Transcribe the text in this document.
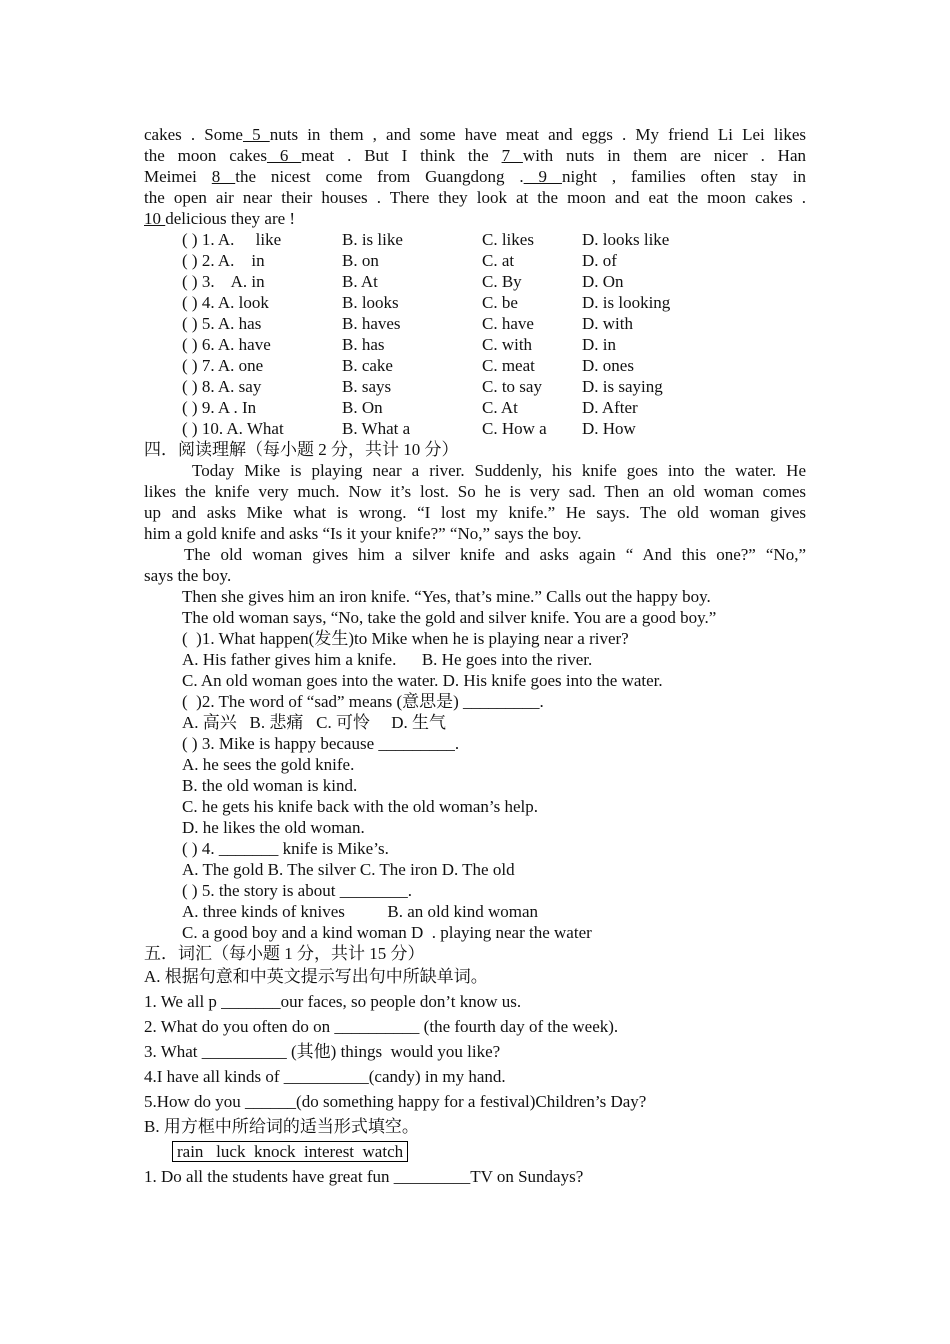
cakes . Some 5 nuts in them , and some have meat and eggs . My friend Li Lei likes
the moon cakes 6 meat . But I think the 7 with nuts in them are nicer . Han
Meimei 8 the nicest come from Guangdong . 9 night , families often stay in
the open air near their houses . There they look at the moon and eat the moon cakes .
10 delicious they are !
( ) 1. A.     like	B. is like	C. likes	D. looks like
( ) 2. A.    in	B. on	C. at	D. of
( ) 3.    A. in	B. At	C. By	D. On
( ) 4. A. look	B. looks	C. be	D. is looking
( ) 5. A. has	B. haves	C. have	D. with
( ) 6. A. have	B. has	C. with	D. in
( ) 7. A. one	B. cake	C. meat	D. ones
( ) 8. A. say	B. says	C. to say	D. is saying
( ) 9. A . In	B. On	C. At	D. After
( ) 10. A. What	B. What a	C. How a	D. How
四．阅读理解（每小题 2 分，共计 10 分）
Today Mike is playing near a river. Suddenly, his knife goes into the water. He
likes the knife very much. Now it’s lost. So he is very sad. Then an old woman comes
up and asks Mike what is wrong. “I lost my knife.” He says. The old woman gives
him a gold knife and asks “Is it your knife?” “No,” says the boy.
The old woman gives him a silver knife and asks again “ And this one?” “No,”
says the boy.
Then she gives him an iron knife. “Yes, that’s mine.” Calls out the happy boy.
The old woman says, “No, take the gold and silver knife. You are a good boy.”
(  )1. What happen(发生)to Mike when he is playing near a river?
A. His father gives him a knife.      B. He goes into the river.
C. An old woman goes into the water. D. His knife goes into the water.
(  )2. The word of “sad” means (意思是) _________.
A. 高兴   B. 悲痛   C. 可怜     D. 生气
( ) 3. Mike is happy because _________.
A. he sees the gold knife.
B. the old woman is kind.
C. he gets his knife back with the old woman’s help.
D. he likes the old woman.
( ) 4. _______ knife is Mike’s.
A. The gold B. The silver C. The iron D. The old
( ) 5. the story is about ________.
A. three kinds of knives          B. an old kind woman
C. a good boy and a kind woman D  . playing near the water
五．词汇（每小题 1 分，共计 15 分）
A. 根据句意和中英文提示写出句中所缺单词。
1. We all p _______our faces, so people don’t know us.
2. What do you often do on __________ (the fourth day of the week).
3. What __________ (其他) things  would you like?
4.I have all kinds of __________(candy) in my hand.
5.How do you ______(do something happy for a festival)Children’s Day?
B. 用方框中所给词的适当形式填空。
rain   luck  knock  interest  watch
1. Do all the students have great fun _________TV on Sundays?
